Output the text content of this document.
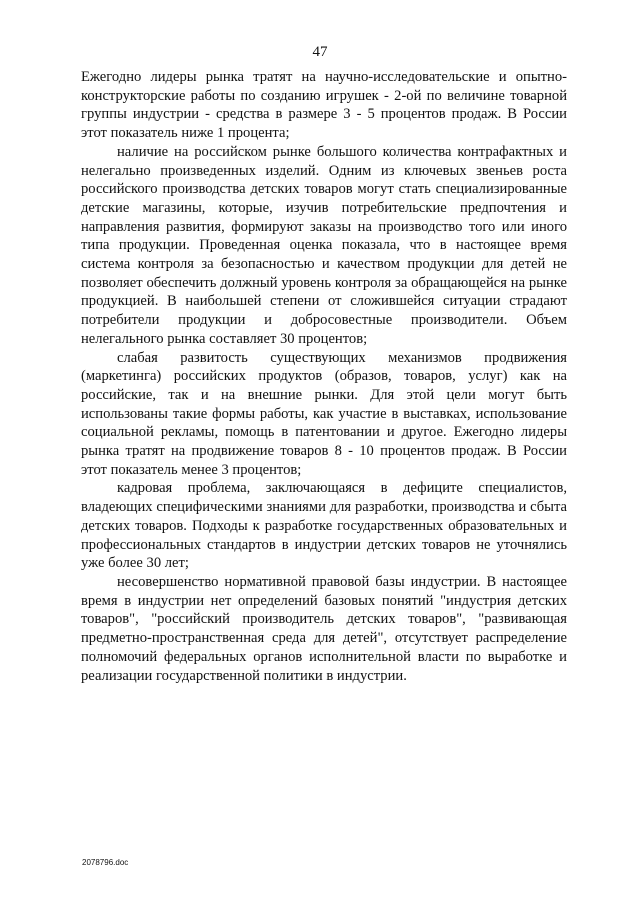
47

Ежегодно лидеры рынка тратят на научно-исследовательские и опытно-конструкторские работы по созданию игрушек - 2-ой по величине товарной группы индустрии - средства в размере 3 - 5 процентов продаж. В России этот показатель ниже 1 процента;

наличие на российском рынке большого количества контрафактных и нелегально произведенных изделий. Одним из ключевых звеньев роста российского производства детских товаров могут стать специализированные детские магазины, которые, изучив потребительские предпочтения и направления развития, формируют заказы на производство того или иного типа продукции. Проведенная оценка показала, что в настоящее время система контроля за безопасностью и качеством продукции для детей не позволяет обеспечить должный уровень контроля за обращающейся на рынке продукцией. В наибольшей степени от сложившейся ситуации страдают потребители продукции и добросовестные производители. Объем нелегального рынка составляет 30 процентов;

слабая развитость существующих механизмов продвижения (маркетинга) российских продуктов (образов, товаров, услуг) как на российские, так и на внешние рынки. Для этой цели могут быть использованы такие формы работы, как участие в выставках, использование социальной рекламы, помощь в патентовании и другое. Ежегодно лидеры рынка тратят на продвижение товаров 8 - 10 процентов продаж. В России этот показатель менее 3 процентов;

кадровая проблема, заключающаяся в дефиците специалистов, владеющих специфическими знаниями для разработки, производства и сбыта детских товаров. Подходы к разработке государственных образовательных и профессиональных стандартов в индустрии детских товаров не уточнялись уже более 30 лет;

несовершенство нормативной правовой базы индустрии. В настоящее время в индустрии нет определений базовых понятий "индустрия детских товаров", "российский производитель детских товаров", "развивающая предметно-пространственная среда для детей", отсутствует распределение полномочий федеральных органов исполнительной власти по выработке и реализации государственной политики в индустрии.

2078796.doc
